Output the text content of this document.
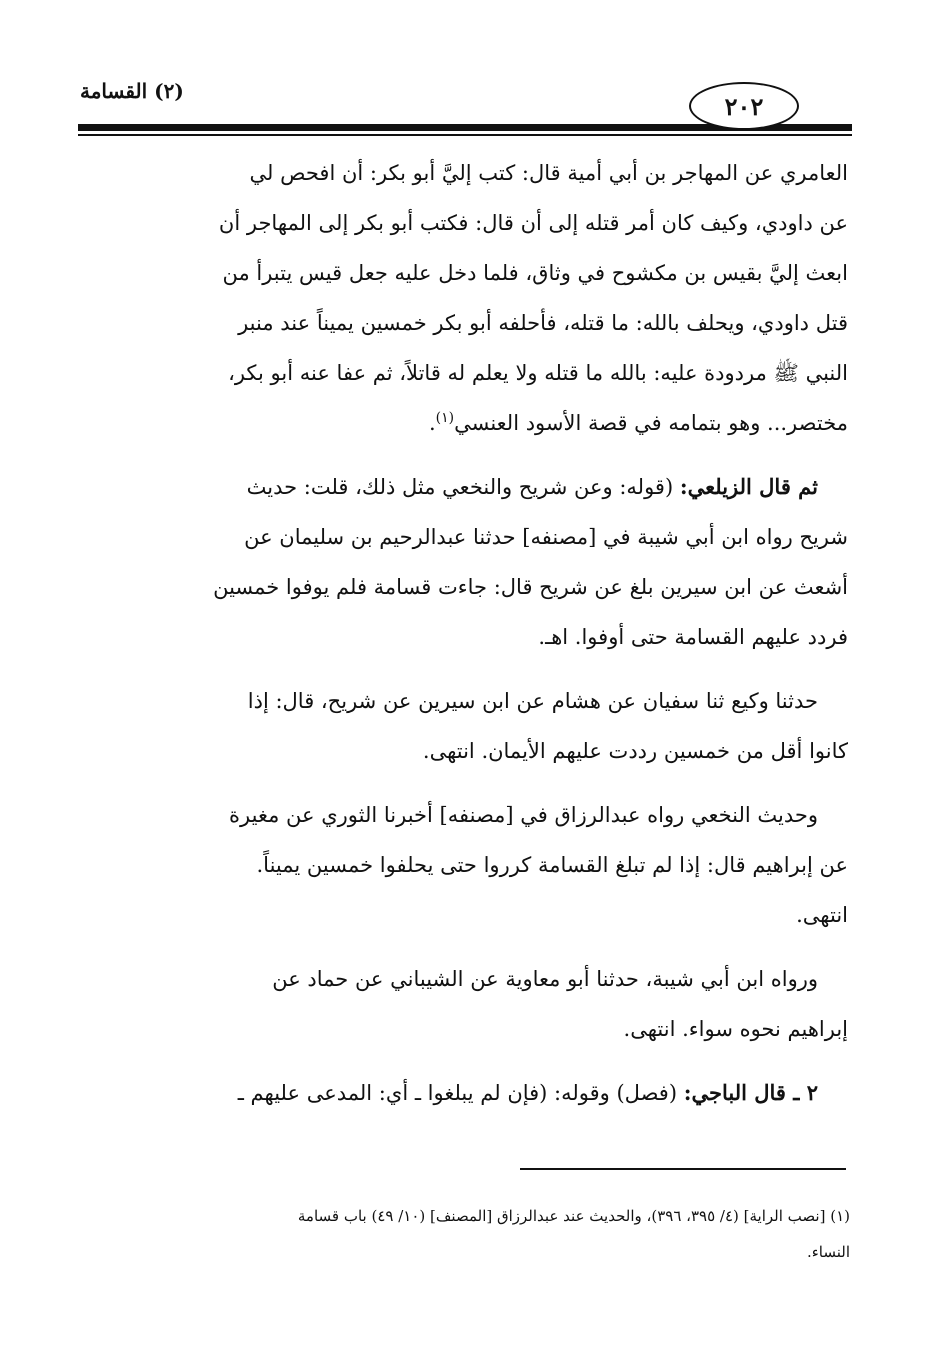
٢٠٢
(٢) القسامة
العامري عن المهاجر بن أبي أمية قال: كتب إليَّ أبو بكر: أن افحص لي
عن داودي، وكيف كان أمر قتله إلى أن قال: فكتب أبو بكر إلى المهاجر أن
ابعث إليَّ بقيس بن مكشوح في وثاق، فلما دخل عليه جعل قيس يتبرأ من
قتل داودي، ويحلف بالله: ما قتله، فأحلفه أبو بكر خمسين يميناً عند منبر
النبي ﷺ مردودة عليه: بالله ما قتله ولا يعلم له قاتلاً، ثم عفا عنه أبو بكر،
مختصر... وهو بتمامه في قصة الأسود العنسي$^{(١)}$.
ثم قال الزيلعي: (قوله: وعن شريح والنخعي مثل ذلك، قلت: حديث
شريح رواه ابن أبي شيبة في [مصنفه] حدثنا عبدالرحيم بن سليمان عن
أشعث عن ابن سيرين بلغ عن شريح قال: جاءت قسامة فلم يوفوا خمسين
فردد عليهم القسامة حتى أوفوا. اهـ.
حدثنا وكيع ثنا سفيان عن هشام عن ابن سيرين عن شريح، قال: إذا
كانوا أقل من خمسين رددت عليهم الأيمان. انتهى.
وحديث النخعي رواه عبدالرزاق في [مصنفه] أخبرنا الثوري عن مغيرة
عن إبراهيم قال: إذا لم تبلغ القسامة كرروا حتى يحلفوا خمسين يميناً.
انتهى.
ورواه ابن أبي شيبة، حدثنا أبو معاوية عن الشيباني عن حماد عن
إبراهيم نحوه سواء. انتهى.
٢ ـ قال الباجي: (فصل) وقوله: (فإن لم يبلغوا ـ أي: المدعى عليهم ـ
(١) [نصب الراية] (٤/ ٣٩٥، ٣٩٦)، والحديث عند عبدالرزاق [المصنف] (١٠/ ٤٩) باب قسامة
النساء.
